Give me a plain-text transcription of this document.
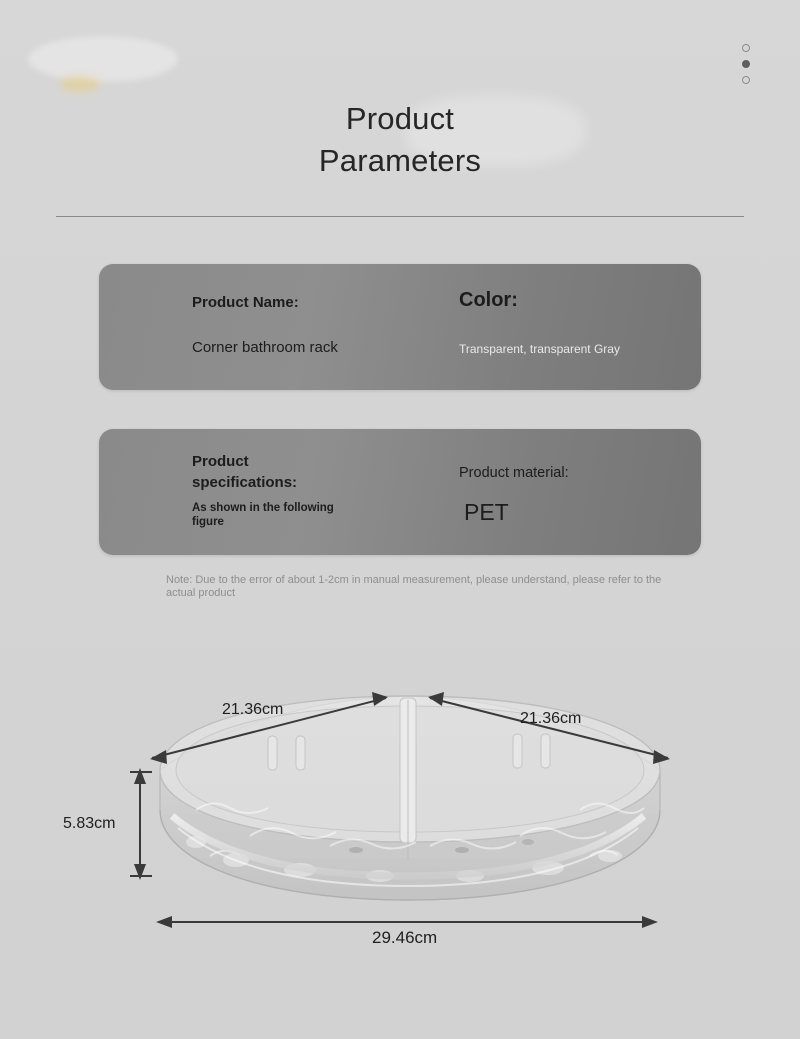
Product
Parameters
Product Name:
Corner bathroom rack
Color:
Transparent, transparent Gray
Product specifications:
As shown in the following figure
Product material:
PET
Note: Due to the error of about 1-2cm in manual measurement, please understand, please refer to the actual product
21.36cm
21.36cm
5.83cm
29.46cm
